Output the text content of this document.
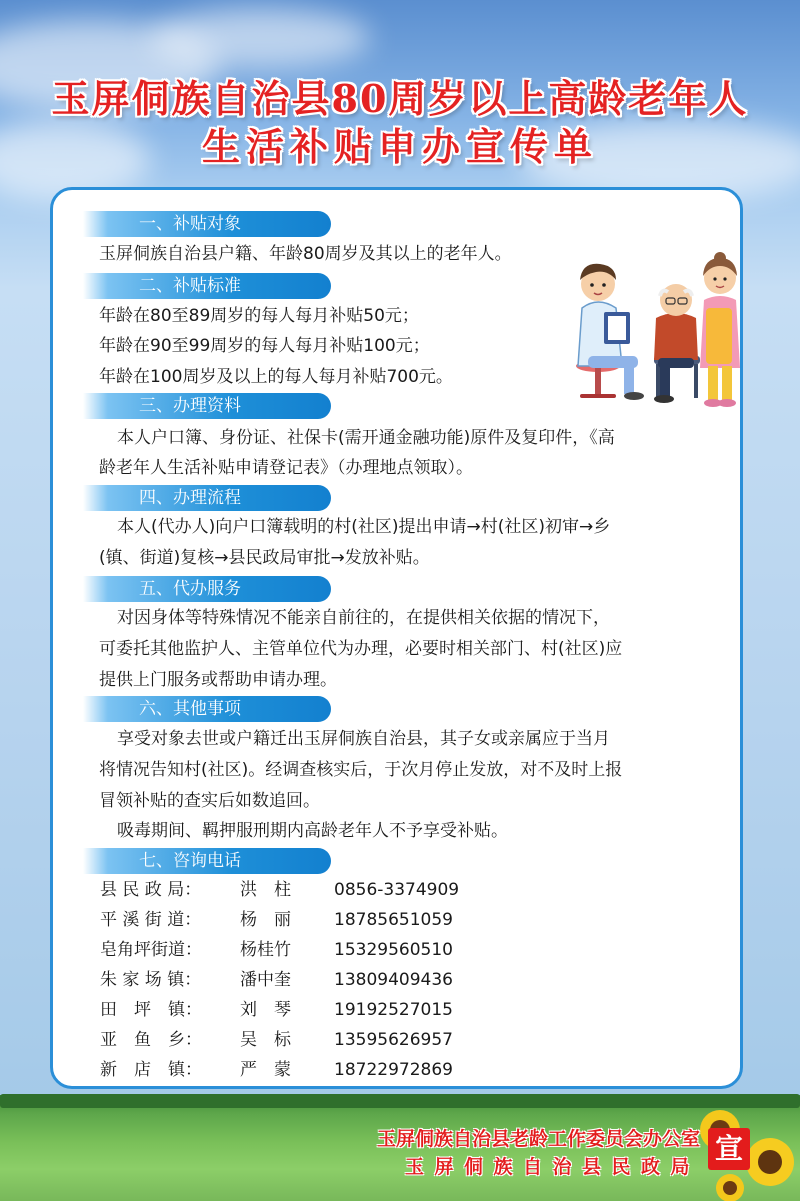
玉屏侗族自治县80周岁以上高龄老年人
生活补贴申办宣传单
一、补贴对象
玉屏侗族自治县户籍、年龄80周岁及其以上的老年人。
二、补贴标准
年龄在80至89周岁的每人每月补贴50元；
年龄在90至99周岁的每人每月补贴100元；
年龄在100周岁及以上的每人每月补贴700元。
三、办理资料
本人户口簿、身份证、社保卡(需开通金融功能)原件及复印件，《高
龄老年人生活补贴申请登记表》（办理地点领取）。
四、办理流程
本人(代办人)向户口簿载明的村(社区)提出申请→村(社区)初审→乡
(镇、街道)复核→县民政局审批→发放补贴。
五、代办服务
对因身体等特殊情况不能亲自前往的，在提供相关依据的情况下，
可委托其他监护人、主管单位代为办理，必要时相关部门、村(社区)应
提供上门服务或帮助申请办理。
六、其他事项
享受对象去世或户籍迁出玉屏侗族自治县，其子女或亲属应于当月
将情况告知村(社区)。经调查核实后，于次月停止发放，对不及时上报
冒领补贴的查实后如数追回。
吸毒期间、羁押服刑期内高龄老年人不予享受补贴。
七、咨询电话
县 民 政 局： 洪　柱	0856-3374909
平 溪 街 道： 杨　丽	18785651059
皂角坪街道： 杨桂竹	15329560510
朱 家 场 镇： 潘中奎	13809409436
田　坪　镇： 刘　琴	19192527015
亚　鱼　乡： 吴　标	13595626957
新　店　镇： 严　蒙	18722972869
玉屏侗族自治县老龄工作委员会办公室
玉屏侗族自治县民政局
宣
